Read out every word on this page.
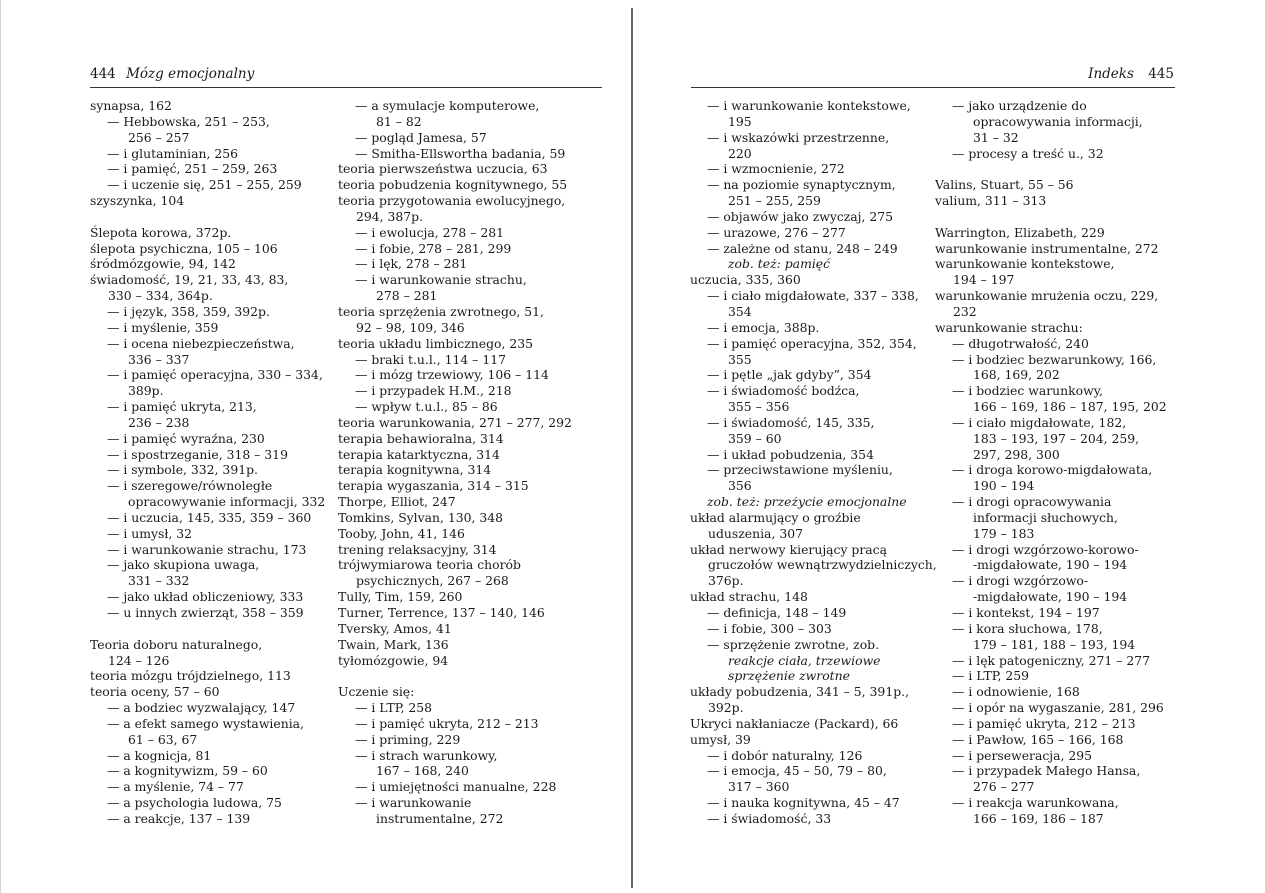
444 Mózg emocjonalny
synapsa, 162
— Hebbowska, 251 – 253,
256 – 257
— i glutaminian, 256
— i pamięć, 251 – 259, 263
— i uczenie się, 251 – 255, 259
szyszynka, 104
Ślepota korowa, 372p.
ślepota psychiczna, 105 – 106
śródmózgowie, 94, 142
świadomość, 19, 21, 33, 43, 83,
330 – 334, 364p.
— i język, 358, 359, 392p.
— i myślenie, 359
— i ocena niebezpieczeństwa,
336 – 337
— i pamięć operacyjna, 330 – 334,
389p.
— i pamięć ukryta, 213,
236 – 238
— i pamięć wyraźna, 230
— i spostrzeganie, 318 – 319
— i symbole, 332, 391p.
— i szeregowe/równoległe
opracowywanie informacji, 332
— i uczucia, 145, 335, 359 – 360
— i umysł, 32
— i warunkowanie strachu, 173
— jako skupiona uwaga,
331 – 332
— jako układ obliczeniowy, 333
— u innych zwierząt, 358 – 359
Teoria doboru naturalnego,
124 – 126
teoria mózgu trójdzielnego, 113
teoria oceny, 57 – 60
— a bodziec wyzwalający, 147
— a efekt samego wystawienia,
61 – 63, 67
— a kognicja, 81
— a kognitywizm, 59 – 60
— a myślenie, 74 – 77
— a psychologia ludowa, 75
— a reakcje, 137 – 139
— a symulacje komputerowe,
81 – 82
— pogląd Jamesa, 57
— Smitha-Ellswortha badania, 59
teoria pierwszeństwa uczucia, 63
teoria pobudzenia kognitywnego, 55
teoria przygotowania ewolucyjnego,
294, 387p.
— i ewolucja, 278 – 281
— i fobie, 278 – 281, 299
— i lęk, 278 – 281
— i warunkowanie strachu,
278 – 281
teoria sprzężenia zwrotnego, 51,
92 – 98, 109, 346
teoria układu limbicznego, 235
— braki t.u.l., 114 – 117
— i mózg trzewiowy, 106 – 114
— i przypadek H.M., 218
— wpływ t.u.l., 85 – 86
teoria warunkowania, 271 – 277, 292
terapia behawioralna, 314
terapia katarktyczna, 314
terapia kognitywna, 314
terapia wygaszania, 314 – 315
Thorpe, Elliot, 247
Tomkins, Sylvan, 130, 348
Tooby, John, 41, 146
trening relaksacyjny, 314
trójwymiarowa teoria chorób
psychicznych, 267 – 268
Tully, Tim, 159, 260
Turner, Terrence, 137 – 140, 146
Tversky, Amos, 41
Twain, Mark, 136
tyłomózgowie, 94
Uczenie się:
— i LTP, 258
— i pamięć ukryta, 212 – 213
— i priming, 229
— i strach warunkowy,
167 – 168, 240
— i umiejętności manualne, 228
— i warunkowanie
instrumentalne, 272
Indeks 445
— i warunkowanie kontekstowe,
195
— i wskazówki przestrzenne,
220
— i wzmocnienie, 272
— na poziomie synaptycznym,
251 – 255, 259
— objawów jako zwyczaj, 275
— urazowe, 276 – 277
— zależne od stanu, 248 – 249
zob. też: pamięć
uczucia, 335, 360
— i ciało migdałowate, 337 – 338,
354
— i emocja, 388p.
— i pamięć operacyjna, 352, 354,
355
— i pętle „jak gdyby”, 354
— i świadomość bodźca,
355 – 356
— i świadomość, 145, 335,
359 – 60
— i układ pobudzenia, 354
— przeciwstawione myśleniu,
356
zob. też: przeżycie emocjonalne
układ alarmujący o groźbie
uduszenia, 307
układ nerwowy kierujący pracą
gruczołów wewnątrzwydzielniczych,
376p.
układ strachu, 148
— definicja, 148 – 149
— i fobie, 300 – 303
— sprzężenie zwrotne, zob.
reakcje ciała, trzewiowe
sprzężenie zwrotne
układy pobudzenia, 341 – 5, 391p.,
392p.
Ukryci nakłaniacze (Packard), 66
umysł, 39
— i dobór naturalny, 126
— i emocja, 45 – 50, 79 – 80,
317 – 360
— i nauka kognitywna, 45 – 47
— i świadomość, 33
— jako urządzenie do
opracowywania informacji,
31 – 32
— procesy a treść u., 32
Valins, Stuart, 55 – 56
valium, 311 – 313
Warrington, Elizabeth, 229
warunkowanie instrumentalne, 272
warunkowanie kontekstowe,
194 – 197
warunkowanie mrużenia oczu, 229,
232
warunkowanie strachu:
— długotrwałość, 240
— i bodziec bezwarunkowy, 166,
168, 169, 202
— i bodziec warunkowy,
166 – 169, 186 – 187, 195, 202
— i ciało migdałowate, 182,
183 – 193, 197 – 204, 259,
297, 298, 300
— i droga korowo-migdałowata,
190 – 194
— i drogi opracowywania
informacji słuchowych,
179 – 183
— i drogi wzgórzowo-korowo-
-migdałowate, 190 – 194
— i drogi wzgórzowo-
-migdałowate, 190 – 194
— i kontekst, 194 – 197
— i kora słuchowa, 178,
179 – 181, 188 – 193, 194
— i lęk patogeniczny, 271 – 277
— i LTP, 259
— i odnowienie, 168
— i opór na wygaszanie, 281, 296
— i pamięć ukryta, 212 – 213
— i Pawłow, 165 – 166, 168
— i perseweracja, 295
— i przypadek Małego Hansa,
276 – 277
— i reakcja warunkowana,
166 – 169, 186 – 187
